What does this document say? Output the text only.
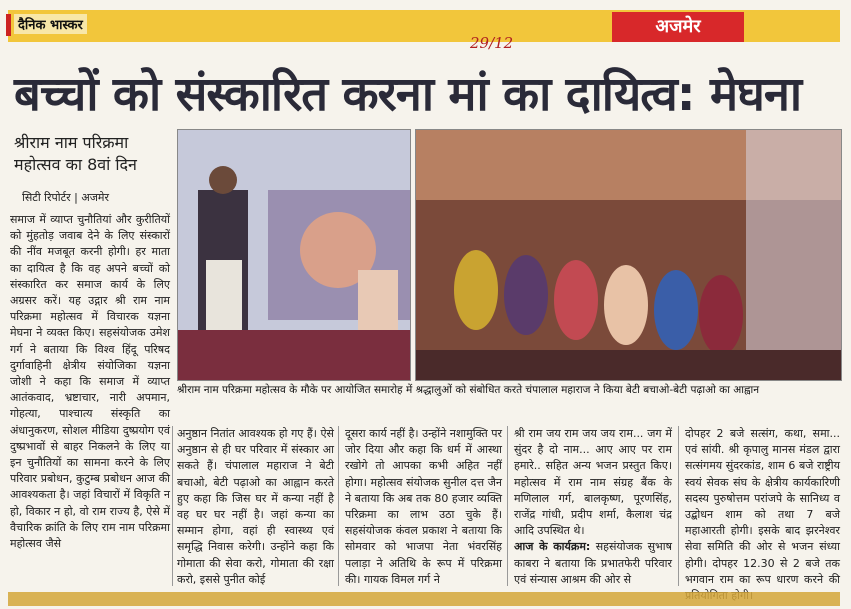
दैनिक भास्कर	अजमेर
29/12
बच्चों को संस्कारित करना मां का दायित्व: मेघना
श्रीराम नाम परिक्रमा महोत्सव का 8वां दिन
सिटी रिपोर्टर | अजमेर
श्रीराम नाम परिक्रमा महोत्सव के मौके पर आयोजित समारोह में श्रद्धालुओं को संबोधित करते चंपालाल महाराज ने किया बेटी बचाओ-बेटी पढ़ाओ का आह्वान

समाज में व्याप्त चुनौतियां और कुरीतियों को मुंहतोड़ जवाब देने के लिए संस्कारों की नींव मजबूत करनी होगी। हर माता का दायित्व है कि वह अपने बच्चों को संस्कारित कर समाज कार्य के लिए अग्रसर करें। यह उद्गार श्री राम नाम परिक्रमा महोत्सव में विचारक यज्ञना मेघना ने व्यक्त किए। सहसंयोजक उमेश गर्ग ने बताया कि विश्व हिंदू परिषद दुर्गावाहिनी क्षेत्रीय संयोजिका यज्ञना जोशी ने कहा कि समाज में व्याप्त आतंकवाद, भ्रष्टाचार, नारी अपमान, गोहत्या, पाश्चात्य संस्कृति का अंधानुकरण, सोशल मीडिया दुष्प्रयोग एवं दुष्प्रभावों से बाहर निकलने के लिए या इन चुनौतियों का सामना करने के लिए परिवार प्रबोधन, कुटुम्ब प्रबोधन आज की आवश्यकता है। जहां विचारों में विकृति न हो, विकार न हो, वो राम राज्य है, ऐसे में वैचारिक क्रांति के लिए राम नाम परिक्रमा महोत्सव जैसे

अनुष्ठान नितांत आवश्यक हो गए हैं। ऐसे अनुष्ठान से ही घर परिवार में संस्कार आ सकते हैं। चंपालाल महाराज ने बेटी बचाओ, बेटी पढ़ाओ का आह्वान करते हुए कहा कि जिस घर में कन्या नहीं है वह घर घर नहीं है। जहां कन्या का सम्मान होगा, वहां ही स्वास्थ्य एवं समृद्धि निवास करेगी। उन्होंने कहा कि गोमाता की सेवा करो, गोमाता की रक्षा करो, इससे पुनीत कोई

दूसरा कार्य नहीं है। उन्होंने नशामुक्ति पर जोर दिया और कहा कि धर्म में आस्था रखोगे तो आपका कभी अहित नहीं होगा। महोत्सव संयोजक सुनील दत्त जैन ने बताया कि अब तक 80 हजार व्यक्ति परिक्रमा का लाभ उठा चुके हैं। सहसंयोजक कंवल प्रकाश ने बताया कि सोमवार को भाजपा नेता भंवरसिंह पलाड़ा ने अतिथि के रूप में परिक्रमा की। गायक विमल गर्ग ने

श्री राम जय राम जय जय राम... जग में सुंदर है दो नाम... आए आए पर राम हमारे.. सहित अन्य भजन प्रस्तुत किए। महोत्सव में राम नाम संग्रह बैंक के मणिलाल गर्ग, बालकृष्ण, पूरणसिंह, राजेंद्र गांधी, प्रदीप शर्मा, कैलाश चंद्र आदि उपस्थित थे।

आज के कार्यक्रम: सहसंयोजक सुभाष काबरा ने बताया कि प्रभातफेरी परिवार एवं संन्यास आश्रम की ओर से

दोपहर 2 बजे सत्संग, कथा, समा... एवं सांयी. श्री कृपालु मानस मंडल द्वारा सत्संगमय सुंदरकांड, शाम 6 बजे राष्ट्रीय स्वयं सेवक संघ के क्षेत्रीय कार्यकारिणी सदस्य पुरुषोत्तम परांजपे के सानिध्य व उद्बोधन शाम को तथा 7 बजे महाआरती होगी। इसके बाद झरनेश्वर सेवा समिति की ओर से भजन संध्या होगी। दोपहर 12.30 से 2 बजे तक भगवान राम का रूप धारण करने की
